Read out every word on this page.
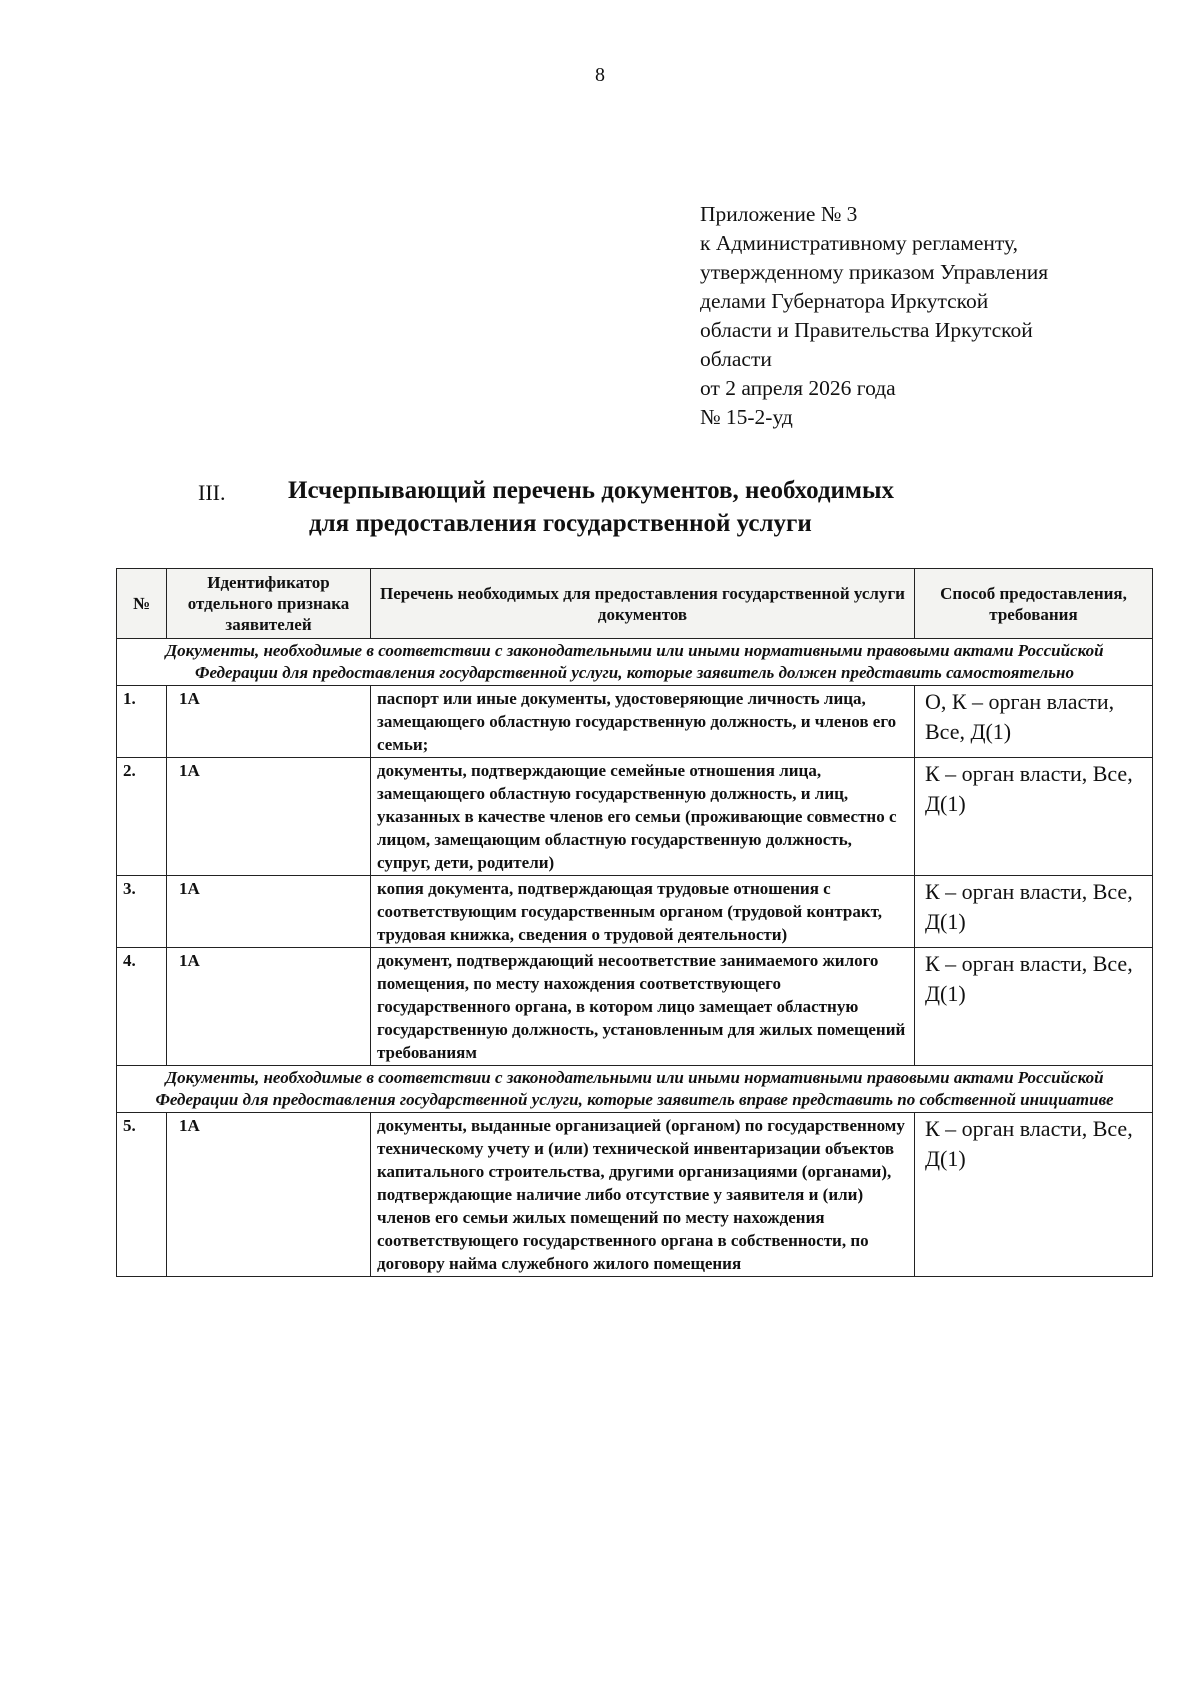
8
Приложение № 3
к Административному регламенту,
утвержденному приказом Управления
делами Губернатора Иркутской
области и Правительства Иркутской
области
от 2 апреля 2026 года
№ 15-2-уд
III.	Исчерпывающий перечень документов, необходимых
для предоставления государственной услуги
№	Идентификатор отдельного признака заявителей	Перечень необходимых для предоставления государственной услуги документов	Способ предоставления, требования
Документы, необходимые в соответствии с законодательными или иными нормативными правовыми актами Российской Федерации для предоставления государственной услуги, которые заявитель должен представить самостоятельно			
1.	1А	паспорт или иные документы, удостоверяющие личность лица, замещающего областную государственную должность, и членов его семьи;	О, К – орган власти, Все, Д(1)
2.	1А	документы, подтверждающие семейные отношения лица, замещающего областную государственную должность, и лиц, указанных в качестве членов его семьи (проживающие совместно с лицом, замещающим областную государственную должность, супруг, дети, родители)	К – орган власти, Все, Д(1)
3.	1А	копия документа, подтверждающая трудовые отношения с соответствующим государственным органом (трудовой контракт, трудовая книжка, сведения о трудовой деятельности)	К – орган власти, Все, Д(1)
4.	1А	документ, подтверждающий несоответствие занимаемого жилого помещения, по месту нахождения соответствующего государственного органа, в котором лицо замещает областную государственную должность, установленным для жилых помещений требованиям	К – орган власти, Все, Д(1)
Документы, необходимые в соответствии с законодательными или иными нормативными правовыми актами Российской Федерации для предоставления государственной услуги, которые заявитель вправе представить по собственной инициативе			
5.	1А	документы, выданные организацией (органом) по государственному техническому учету и (или) технической инвентаризации объектов капитального строительства, другими организациями (органами), подтверждающие наличие либо отсутствие у заявителя и (или) членов его семьи жилых помещений по месту нахождения соответствующего государственного органа в собственности, по договору найма служебного жилого помещения	К – орган власти, Все, Д(1)
